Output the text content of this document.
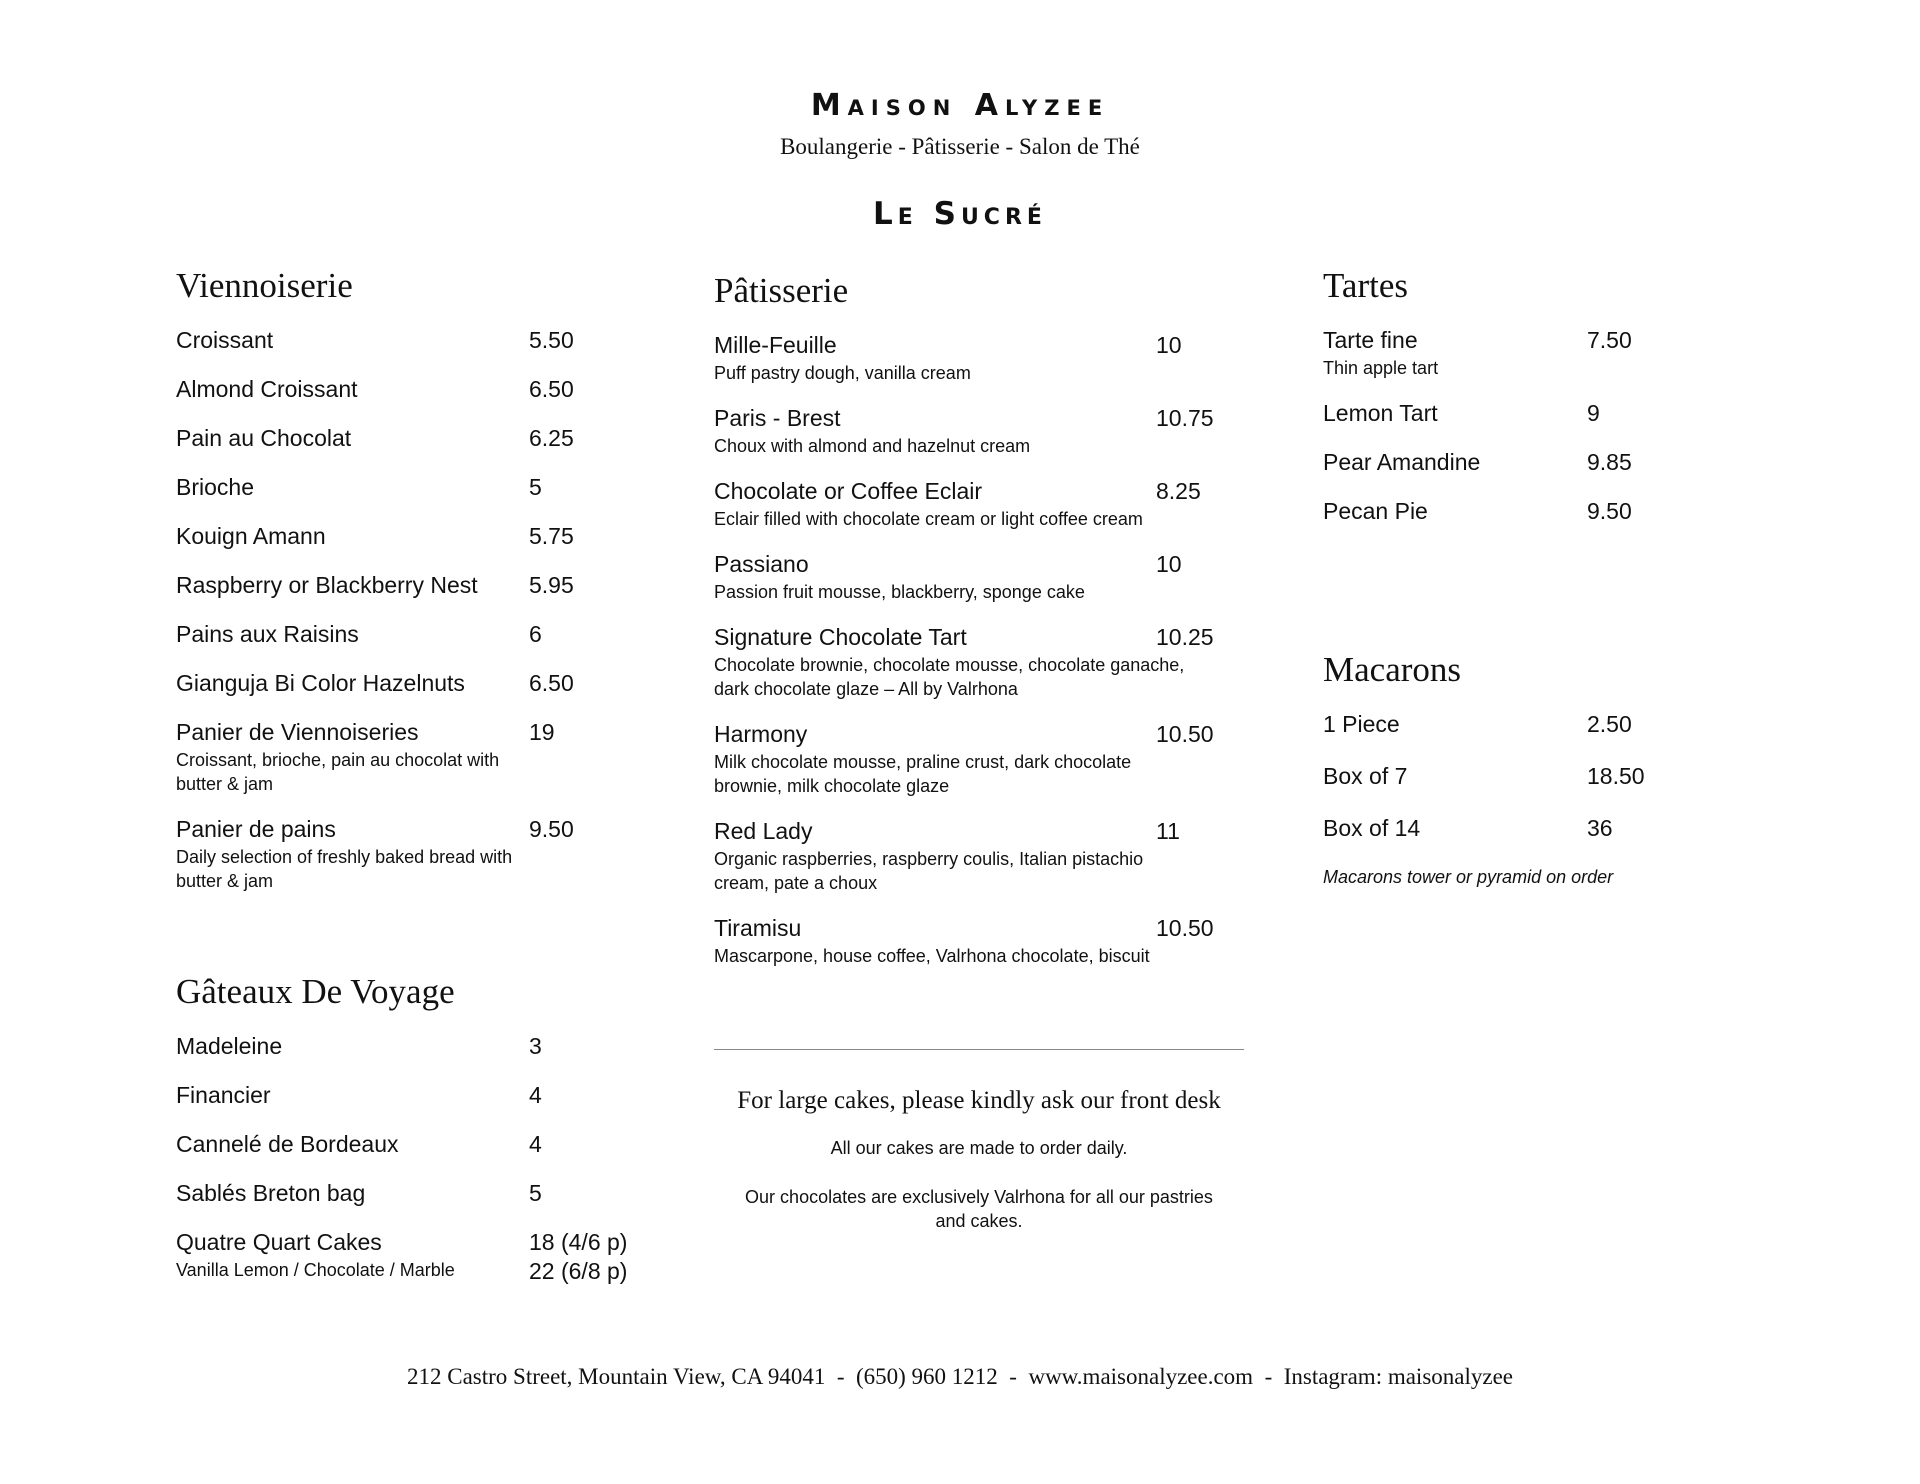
Maison Alyzee
Boulangerie - Pâtisserie - Salon de Thé
Le Sucré
Viennoiserie
Croissant	5.50
Almond Croissant	6.50
Pain au Chocolat	6.25
Brioche	5
Kouign Amann	5.75
Raspberry or Blackberry Nest	5.95
Pains aux Raisins	6
Gianguja Bi Color Hazelnuts	6.50
Panier de Viennoiseries	19
Croissant, brioche, pain au chocolat with butter & jam
Panier de pains	9.50
Daily selection of freshly baked bread with butter & jam
Gâteaux De Voyage
Madeleine	3
Financier	4
Cannelé de Bordeaux	4
Sablés Breton bag	5
Quatre Quart Cakes	18 (4/6 p)
Vanilla Lemon / Chocolate / Marble	22 (6/8 p)
Pâtisserie
Mille-Feuille	10
Puff pastry dough, vanilla cream
Paris - Brest	10.75
Choux with almond and hazelnut cream
Chocolate or Coffee Eclair	8.25
Eclair filled with chocolate cream or light coffee cream
Passiano	10
Passion fruit mousse, blackberry, sponge cake
Signature Chocolate Tart	10.25
Chocolate brownie, chocolate mousse, chocolate ganache, dark chocolate glaze – All by Valrhona
Harmony	10.50
Milk chocolate mousse, praline crust, dark chocolate brownie, milk chocolate glaze
Red Lady	11
Organic raspberries, raspberry coulis, Italian pistachio cream, pate a choux
Tiramisu	10.50
Mascarpone, house coffee, Valrhona chocolate, biscuit
For large cakes, please kindly ask our front desk
All our cakes are made to order daily.
Our chocolates are exclusively Valrhona for all our pastries and cakes.
Tartes
Tarte fine	7.50
Thin apple tart
Lemon Tart	9
Pear Amandine	9.85
Pecan Pie	9.50
Macarons
1 Piece	2.50
Box of 7	18.50
Box of 14	36
Macarons tower or pyramid on order
212 Castro Street, Mountain View, CA 94041  -  (650) 960 1212  -  www.maisonalyzee.com  -  Instagram: maisonalyzee
